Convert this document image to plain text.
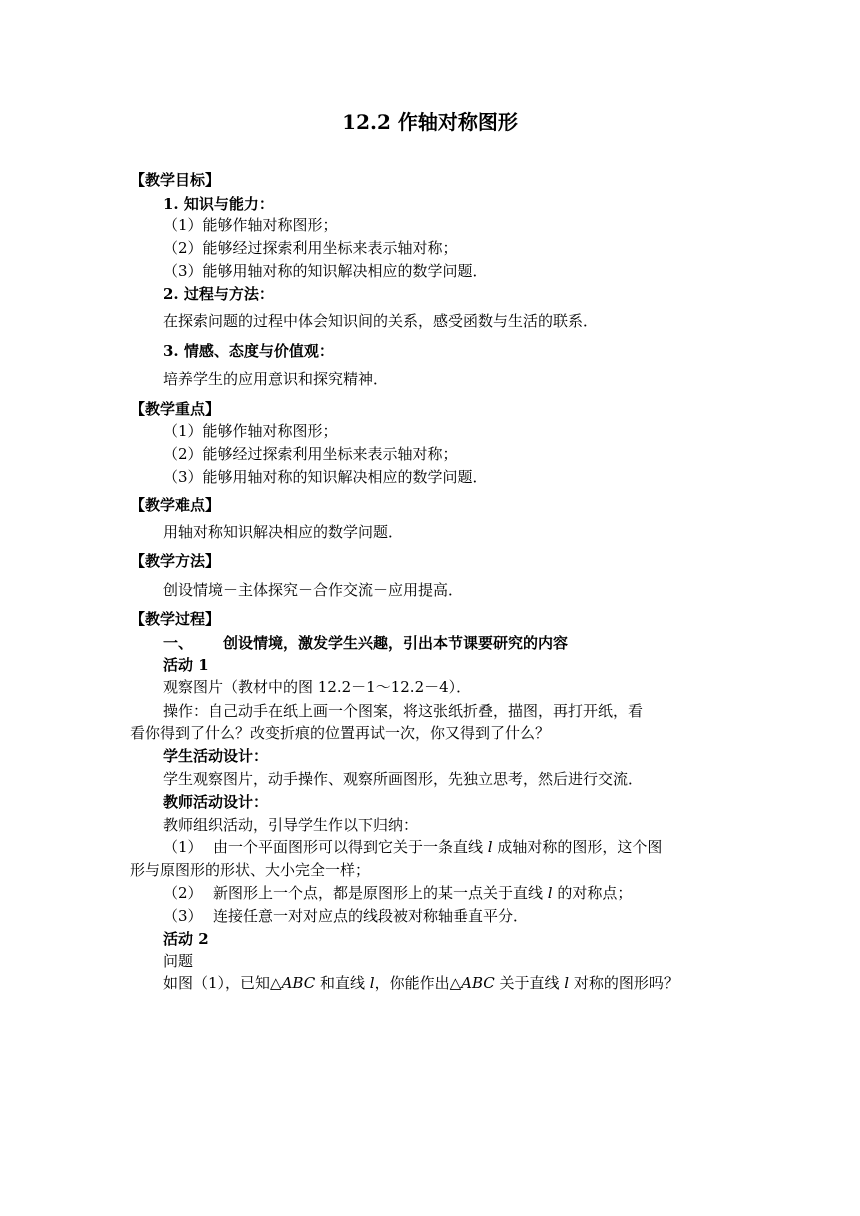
12.2 作轴对称图形
【教学目标】
1. 知识与能力：
（1）能够作轴对称图形；
（2）能够经过探索利用坐标来表示轴对称；
（3）能够用轴对称的知识解决相应的数学问题．
2. 过程与方法：
在探索问题的过程中体会知识间的关系，感受函数与生活的联系．
3. 情感、态度与价值观：
培养学生的应用意识和探究精神．
【教学重点】
（1）能够作轴对称图形；
（2）能够经过探索利用坐标来表示轴对称；
（3）能够用轴对称的知识解决相应的数学问题．
【教学难点】
用轴对称知识解决相应的数学问题．
【教学方法】
创设情境－主体探究－合作交流－应用提高．
【教学过程】
一、 创设情境，激发学生兴趣，引出本节课要研究的内容
活动 1
观察图片（教材中的图 12.2－1～12.2－4）．
操作：自己动手在纸上画一个图案，将这张纸折叠，描图，再打开纸，看
看你得到了什么？改变折痕的位置再试一次，你又得到了什么？
学生活动设计：
学生观察图片，动手操作、观察所画图形，先独立思考，然后进行交流．
教师活动设计：
教师组织活动，引导学生作以下归纳：
（1） 由一个平面图形可以得到它关于一条直线 l 成轴对称的图形，这个图
形与原图形的形状、大小完全一样；
（2） 新图形上一个点，都是原图形上的某一点关于直线 l 的对称点；
（3） 连接任意一对对应点的线段被对称轴垂直平分．
活动 2
问题
如图（1），已知△ABC 和直线 l，你能作出△ABC 关于直线 l 对称的图形吗？
